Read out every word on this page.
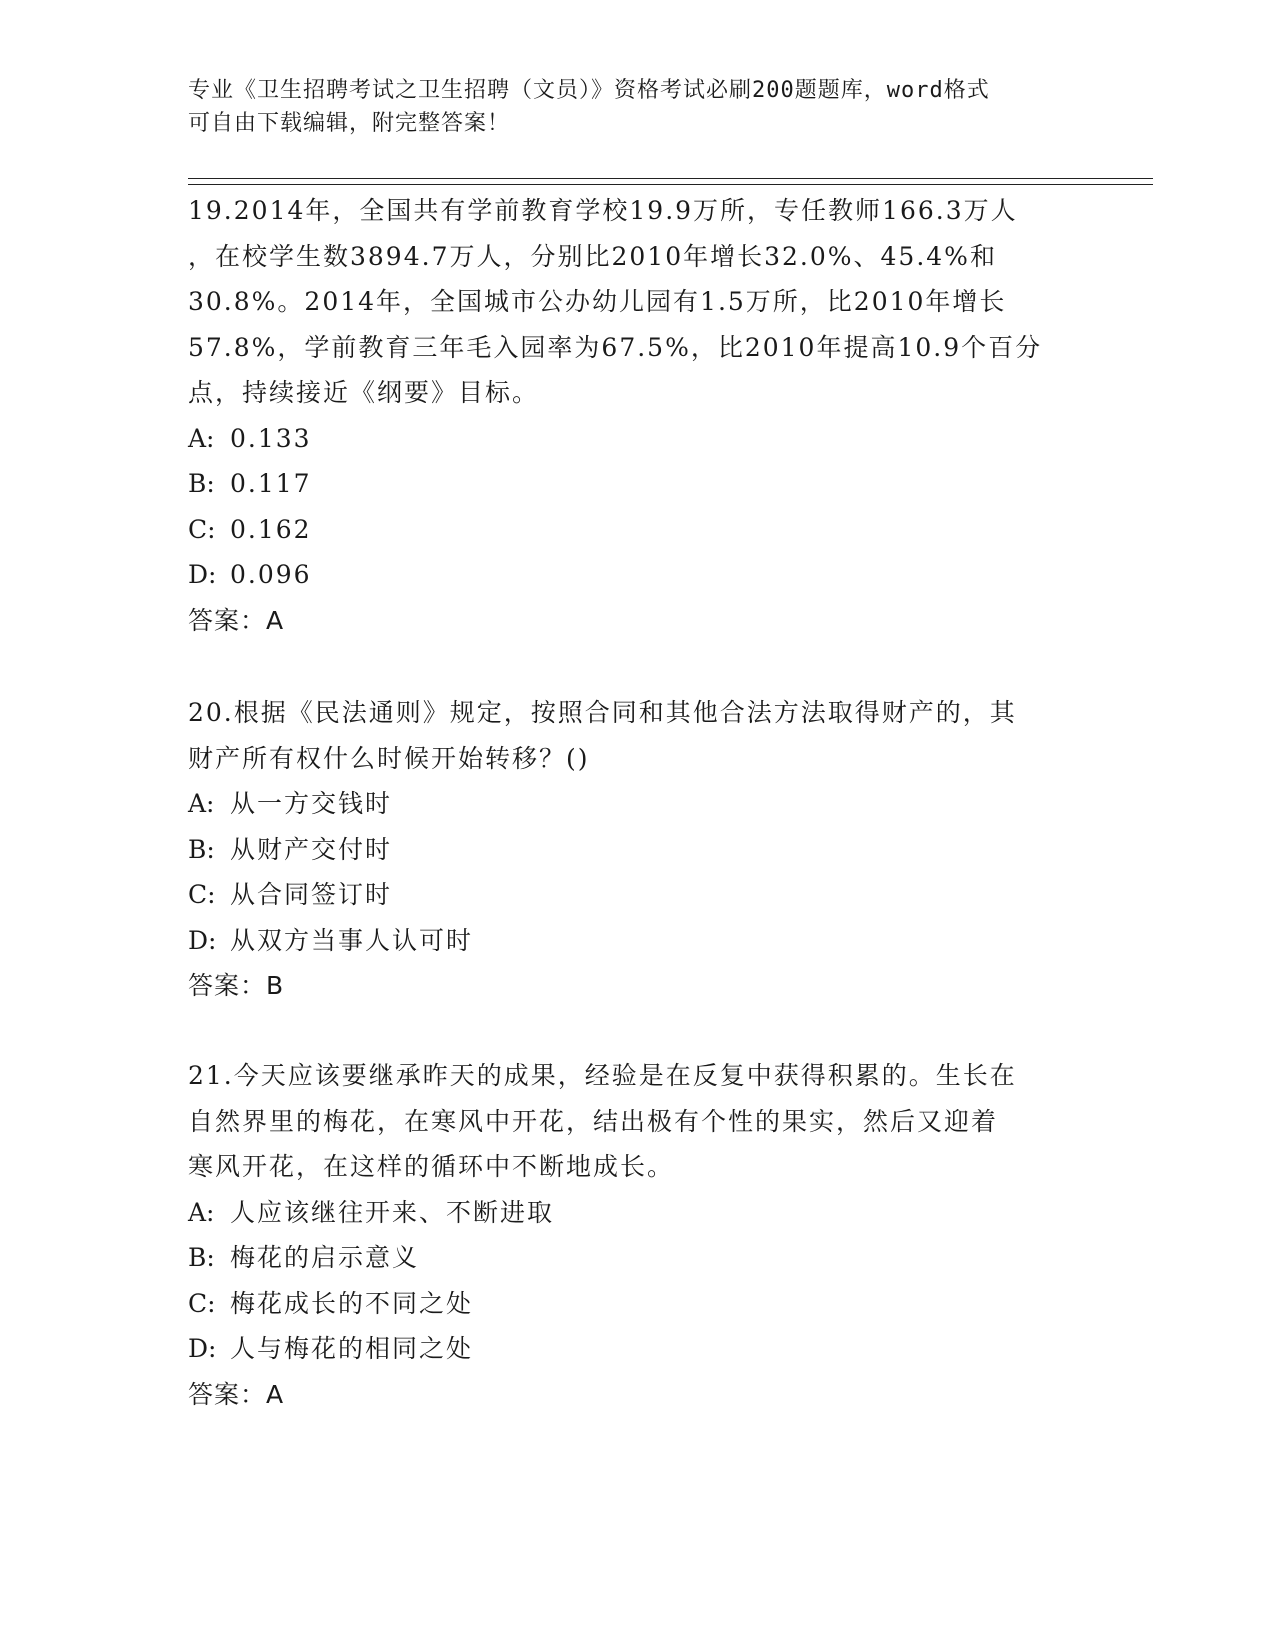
专业《卫生招聘考试之卫生招聘（文员）》资格考试必刷200题题库，word格式
可自由下载编辑，附完整答案！
19.2014年，全国共有学前教育学校19.9万所，专任教师166.3万人
，在校学生数3894.7万人，分别比2010年增长32.0%、45.4%和
30.8%。2014年，全国城市公办幼儿园有1.5万所，比2010年增长
57.8%，学前教育三年毛入园率为67.5%，比2010年提高10.9个百分
点，持续接近《纲要》目标。
A: 0.133
B: 0.117
C: 0.162
D: 0.096
答案：A
20.根据《民法通则》规定，按照合同和其他合法方法取得财产的，其
财产所有权什么时候开始转移？()
A: 从一方交钱时
B: 从财产交付时
C: 从合同签订时
D: 从双方当事人认可时
答案：B
21.今天应该要继承昨天的成果，经验是在反复中获得积累的。生长在
自然界里的梅花，在寒风中开花，结出极有个性的果实，然后又迎着
寒风开花，在这样的循环中不断地成长。
A: 人应该继往开来、不断进取
B: 梅花的启示意义
C: 梅花成长的不同之处
D: 人与梅花的相同之处
答案：A
